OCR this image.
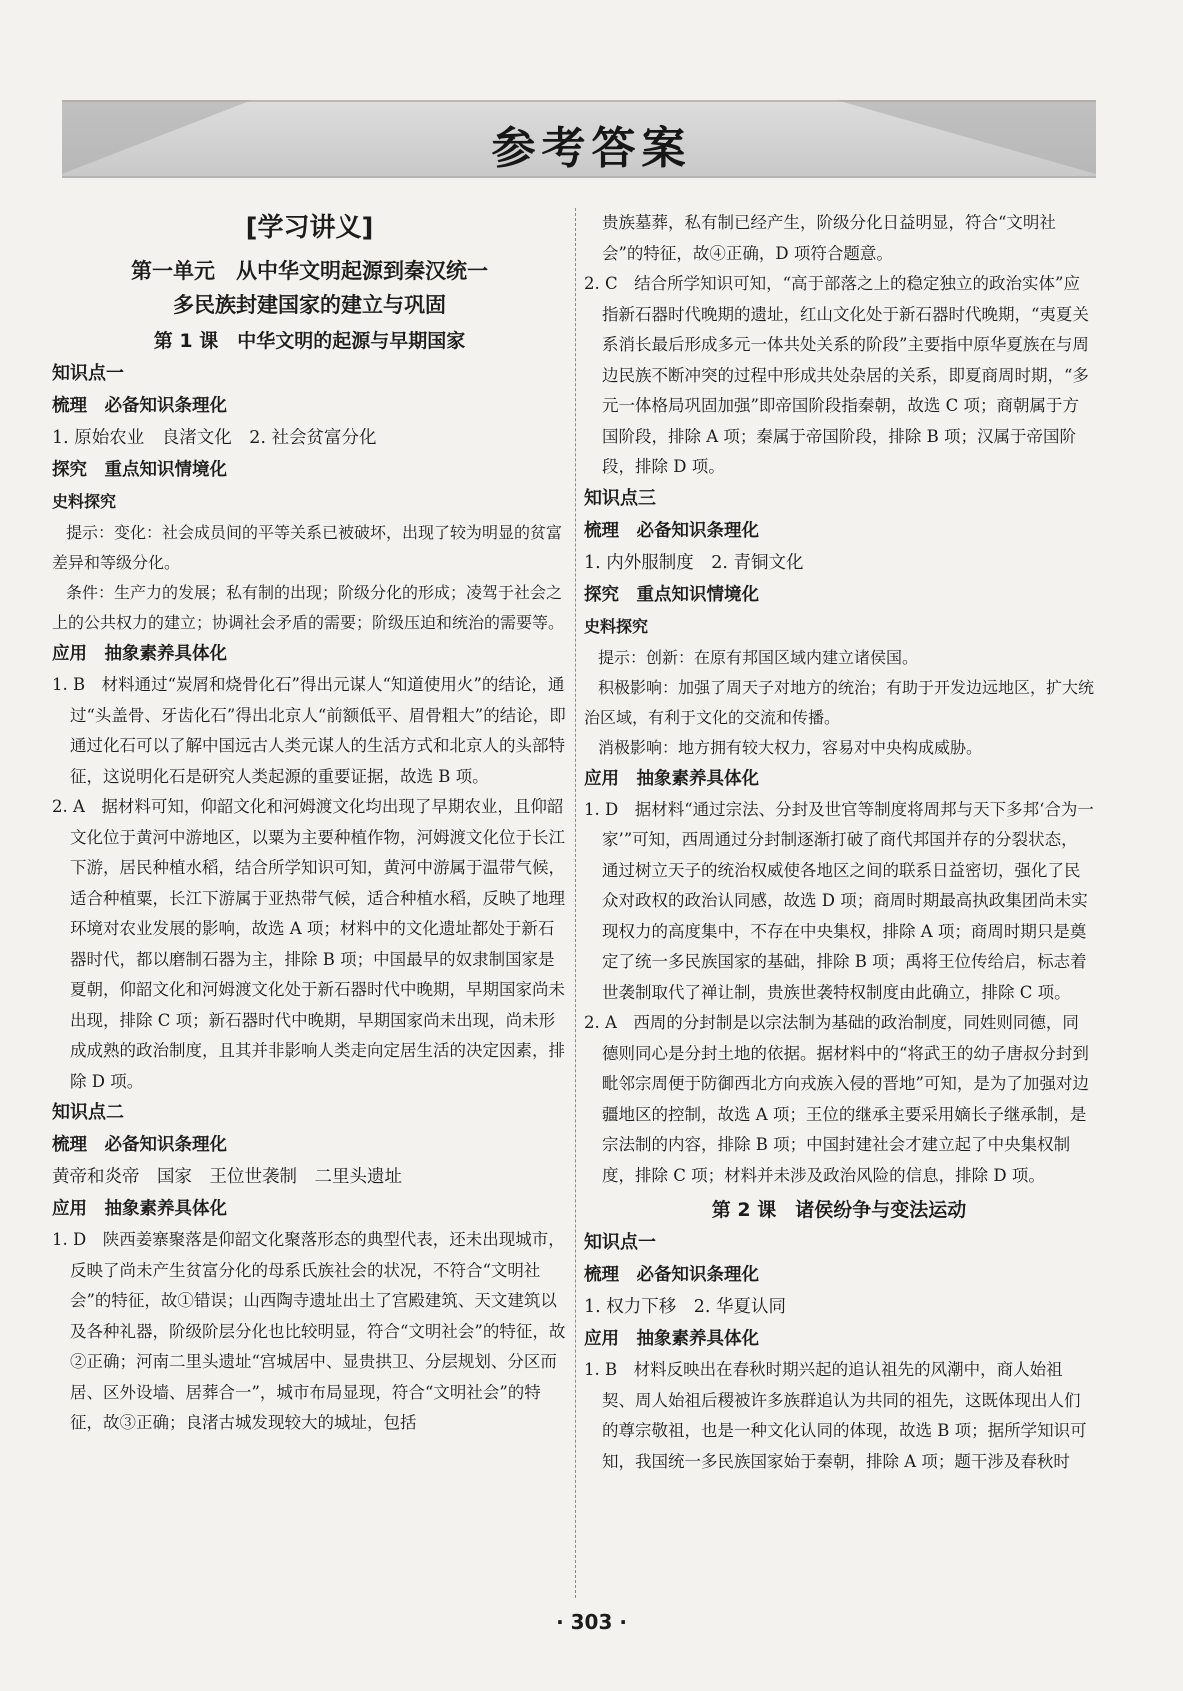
参考答案
[学习讲义]
第一单元　从中华文明起源到秦汉统一
多民族封建国家的建立与巩固
第 1 课　中华文明的起源与早期国家
知识点一
梳理　必备知识条理化
1. 原始农业　良渚文化　2. 社会贫富分化
探究　重点知识情境化
史料探究
提示：变化：社会成员间的平等关系已被破坏，出现了较为明显的贫富差异和等级分化。
条件：生产力的发展；私有制的出现；阶级分化的形成；凌驾于社会之上的公共权力的建立；协调社会矛盾的需要；阶级压迫和统治的需要等。
应用　抽象素养具体化
1. B　材料通过“炭屑和烧骨化石”得出元谋人“知道使用火”的结论，通过“头盖骨、牙齿化石”得出北京人“前额低平、眉骨粗大”的结论，即通过化石可以了解中国远古人类元谋人的生活方式和北京人的头部特征，这说明化石是研究人类起源的重要证据，故选 B 项。
2. A　据材料可知，仰韶文化和河姆渡文化均出现了早期农业，且仰韶文化位于黄河中游地区，以粟为主要种植作物，河姆渡文化位于长江下游，居民种植水稻，结合所学知识可知，黄河中游属于温带气候，适合种植粟，长江下游属于亚热带气候，适合种植水稻，反映了地理环境对农业发展的影响，故选 A 项；材料中的文化遗址都处于新石器时代，都以磨制石器为主，排除 B 项；中国最早的奴隶制国家是夏朝，仰韶文化和河姆渡文化处于新石器时代中晚期，早期国家尚未出现，排除 C 项；新石器时代中晚期，早期国家尚未出现，尚未形成成熟的政治制度，且其并非影响人类走向定居生活的决定因素，排除 D 项。
知识点二
梳理　必备知识条理化
黄帝和炎帝　国家　王位世袭制　二里头遗址
应用　抽象素养具体化
1. D　陕西姜寨聚落是仰韶文化聚落形态的典型代表，还未出现城市，反映了尚未产生贫富分化的母系氏族社会的状况，不符合“文明社会”的特征，故①错误；山西陶寺遗址出土了宫殿建筑、天文建筑以及各种礼器，阶级阶层分化也比较明显，符合“文明社会”的特征，故②正确；河南二里头遗址“宫城居中、显贵拱卫、分层规划、分区而居、区外设墙、居葬合一”，城市布局显现，符合“文明社会”的特征，故③正确；良渚古城发现较大的城址，包括
贵族墓葬，私有制已经产生，阶级分化日益明显，符合“文明社会”的特征，故④正确，D 项符合题意。
2. C　结合所学知识可知，“高于部落之上的稳定独立的政治实体”应指新石器时代晚期的遗址，红山文化处于新石器时代晚期，“夷夏关系消长最后形成多元一体共处关系的阶段”主要指中原华夏族在与周边民族不断冲突的过程中形成共处杂居的关系，即夏商周时期，“多元一体格局巩固加强”即帝国阶段指秦朝，故选 C 项；商朝属于方国阶段，排除 A 项；秦属于帝国阶段，排除 B 项；汉属于帝国阶段，排除 D 项。
知识点三
梳理　必备知识条理化
1. 内外服制度　2. 青铜文化
探究　重点知识情境化
史料探究
提示：创新：在原有邦国区域内建立诸侯国。
积极影响：加强了周天子对地方的统治；有助于开发边远地区，扩大统治区域，有利于文化的交流和传播。
消极影响：地方拥有较大权力，容易对中央构成威胁。
应用　抽象素养具体化
1. D　据材料“通过宗法、分封及世官等制度将周邦与天下多邦‘合为一家’”可知，西周通过分封制逐渐打破了商代邦国并存的分裂状态，通过树立天子的统治权威使各地区之间的联系日益密切，强化了民众对政权的政治认同感，故选 D 项；商周时期最高执政集团尚未实现权力的高度集中，不存在中央集权，排除 A 项；商周时期只是奠定了统一多民族国家的基础，排除 B 项；禹将王位传给启，标志着世袭制取代了禅让制，贵族世袭特权制度由此确立，排除 C 项。
2. A　西周的分封制是以宗法制为基础的政治制度，同姓则同德，同德则同心是分封土地的依据。据材料中的“将武王的幼子唐叔分封到毗邻宗周便于防御西北方向戎族入侵的晋地”可知，是为了加强对边疆地区的控制，故选 A 项；王位的继承主要采用嫡长子继承制，是宗法制的内容，排除 B 项；中国封建社会才建立起了中央集权制度，排除 C 项；材料并未涉及政治风险的信息，排除 D 项。
第 2 课　诸侯纷争与变法运动
知识点一
梳理　必备知识条理化
1. 权力下移　2. 华夏认同
应用　抽象素养具体化
1. B　材料反映出在春秋时期兴起的追认祖先的风潮中，商人始祖契、周人始祖后稷被许多族群追认为共同的祖先，这既体现出人们的尊宗敬祖，也是一种文化认同的体现，故选 B 项；据所学知识可知，我国统一多民族国家始于秦朝，排除 A 项；题干涉及春秋时
· 303 ·
